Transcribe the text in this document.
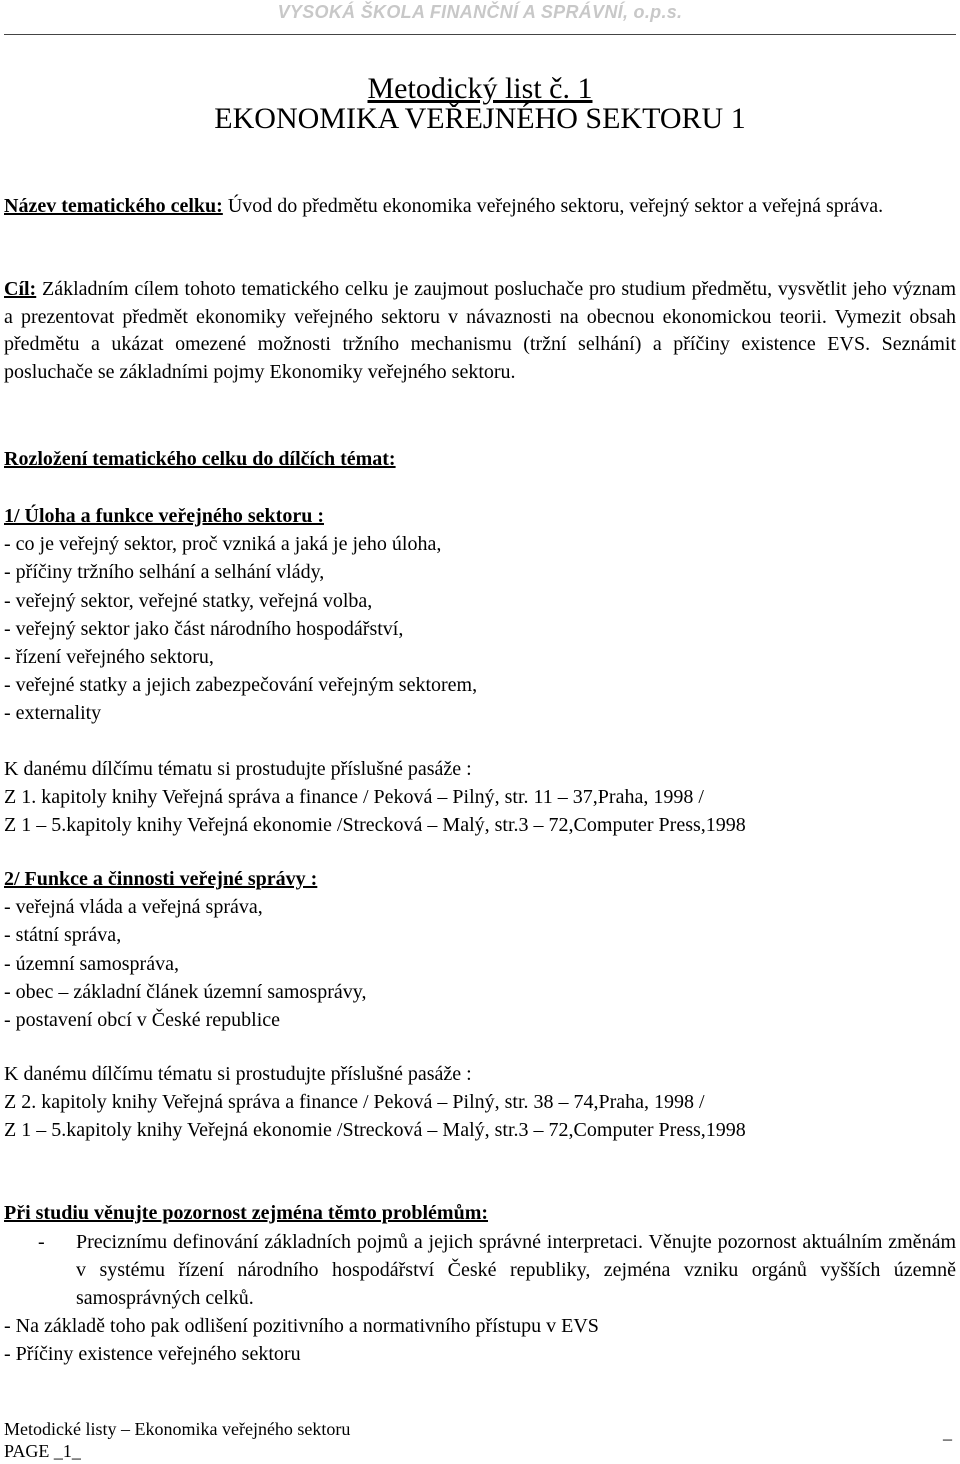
VYSOKÁ ŠKOLA FINANČNÍ A SPRÁVNÍ, o.p.s.
Metodický list č. 1
EKONOMIKA VEŘEJNÉHO SEKTORU 1
Název tematického celku: Úvod do předmětu ekonomika veřejného sektoru, veřejný sektor a veřejná správa.
Cíl: Základním cílem tohoto tematického celku je zaujmout posluchače pro studium předmětu, vysvětlit jeho význam a prezentovat předmět ekonomiky veřejného sektoru v návaznosti na obecnou ekonomickou teorii. Vymezit obsah předmětu a ukázat omezené možnosti tržního mechanismu (tržní selhání) a příčiny existence EVS. Seznámit posluchače se základními pojmy Ekonomiky veřejného sektoru.
Rozložení tematického celku do dílčích témat:
1/ Úloha a funkce veřejného sektoru :
- co je veřejný sektor, proč vzniká a jaká je jeho úloha,
- příčiny tržního selhání a selhání vlády,
- veřejný sektor, veřejné statky, veřejná volba,
- veřejný sektor jako část národního hospodářství,
- řízení veřejného sektoru,
- veřejné statky a jejich zabezpečování veřejným sektorem,
- externality
K danému dílčímu tématu si prostudujte příslušné pasáže :
Z 1. kapitoly knihy Veřejná správa a finance / Peková – Pilný, str. 11 – 37,Praha, 1998 /
Z 1 – 5.kapitoly knihy Veřejná ekonomie /Strecková – Malý, str.3 – 72,Computer Press,1998
2/ Funkce a činnosti veřejné správy :
- veřejná vláda a veřejná správa,
- státní správa,
- územní samospráva,
- obec – základní článek územní samosprávy,
- postavení obcí v České republice
K danému dílčímu tématu si prostudujte příslušné pasáže :
Z 2. kapitoly knihy Veřejná správa a finance / Peková – Pilný, str. 38 – 74,Praha, 1998 /
Z 1 – 5.kapitoly knihy Veřejná ekonomie /Strecková – Malý, str.3 – 72,Computer Press,1998
Při studiu věnujte pozornost zejména těmto problémům:
- Preciznímu definování základních pojmů a jejich správné interpretaci. Věnujte pozornost aktuálním změnám v systému řízení národního hospodářství České republiky, zejména vzniku orgánů vyšších územně samosprávných celků.
- Na základě toho pak odlišení pozitivního a normativního přístupu v EVS
- Příčiny existence veřejného sektoru
Metodické listy – Ekonomika veřejného sektoru
PAGE _1_
_
